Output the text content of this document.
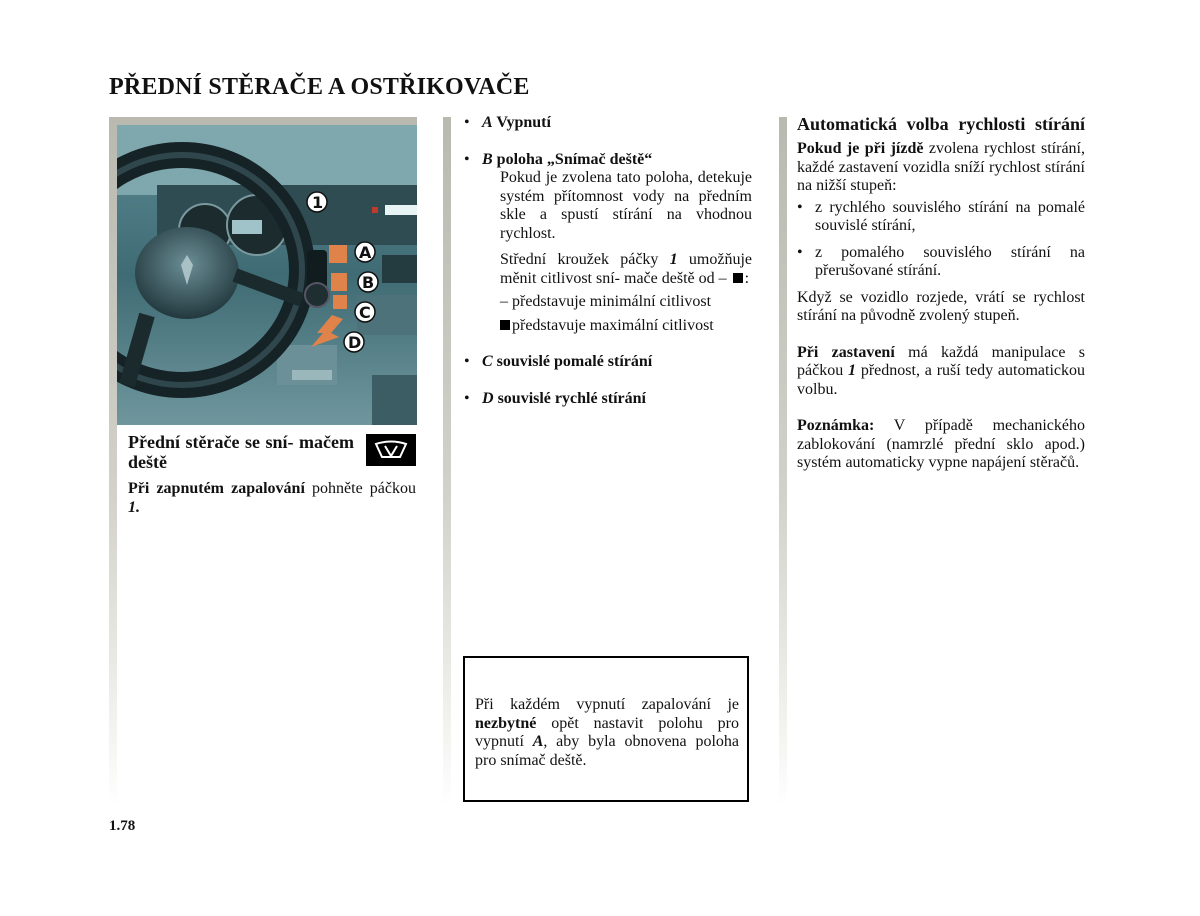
PŘEDNÍ STĚRAČE A OSTŘIKOVAČE
1
A
B
C
D

Přední stěrače se sní- mačem deště

Při zapnutém zapalování pohněte páčkou 1.

• A Vypnutí

• B poloha „Snímač deště“

Pokud je zvolena tato poloha, detekuje systém přítomnost vody na předním skle a spustí stírání na vhodnou rychlost.

Střední kroužek páčky 1 umožňuje měnit citlivost sní- mače deště od – :

– představuje minimální citlivost

představuje maximální citlivost

• C souvislé pomalé stírání

• D souvislé rychlé stírání

Při každém vypnutí zapalování je nezbytné opět nastavit polohu pro vypnutí A, aby byla obnovena poloha pro snímač deště.

Automatická volba rychlosti stírání

Pokud je při jízdě zvolena rychlost stírání, každé zastavení vozidla sníží rychlost stírání na nižší stupeň:

• z rychlého souvislého stírání na pomalé souvislé stírání,

• z pomalého souvislého stírání na přerušované stírání.

Když se vozidlo rozjede, vrátí se rychlost stírání na původně zvolený stupeň.

Při zastavení má každá manipulace s páčkou 1 přednost, a ruší tedy automatickou volbu.

Poznámka: V případě mechanického zablokování (namrzlé přední sklo apod.) systém automaticky vypne napájení stěračů.

1.78
